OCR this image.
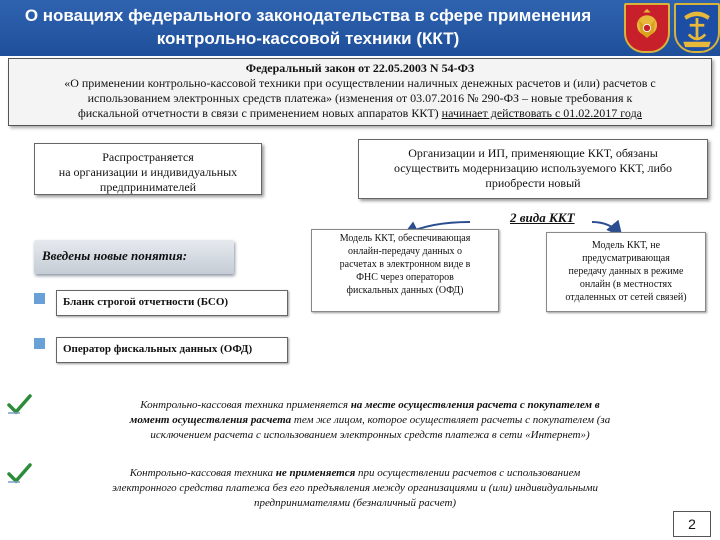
О новациях федерального законодательства в сфере применения
контрольно-кассовой техники (ККТ)
Федеральный закон от 22.05.2003 N 54-ФЗ
«О применении контрольно-кассовой техники при осуществлении наличных денежных расчетов и (или) расчетов с
использованием электронных средств платежа» (изменения от 03.07.2016 № 290-ФЗ – новые требования к
фискальной отчетности в связи с применением новых аппаратов ККТ) начинает действовать с 01.02.2017 года
Распространяется
на организации и индивидуальных
предпринимателей
Организации и ИП, применяющие ККТ, обязаны
осуществить модернизацию используемого ККТ, либо
приобрести новый
2 вида ККТ
Модель ККТ, обеспечивающая
онлайн-передачу данных о
расчетах в электронном виде в
ФНС через операторов
фискальных данных (ОФД)
Модель ККТ, не
предусматривающая
передачу данных в режиме
онлайн (в местностях
отдаленных от сетей связей)
Введены новые понятия:
Бланк строгой отчетности (БСО)
Оператор фискальных данных (ОФД)
Контрольно-кассовая техника применяется на месте осуществления расчета с покупателем в
момент осуществления расчета тем же лицом, которое осуществляет расчеты с покупателем (за
исключением расчета с использованием электронных средств платежа в сети «Интернет»)
Контрольно-кассовая техника не применяется при осуществлении расчетов с использованием
электронного средства платежа без его предъявления между организациями и (или) индивидуальными
предпринимателями (безналичный расчет)
2
